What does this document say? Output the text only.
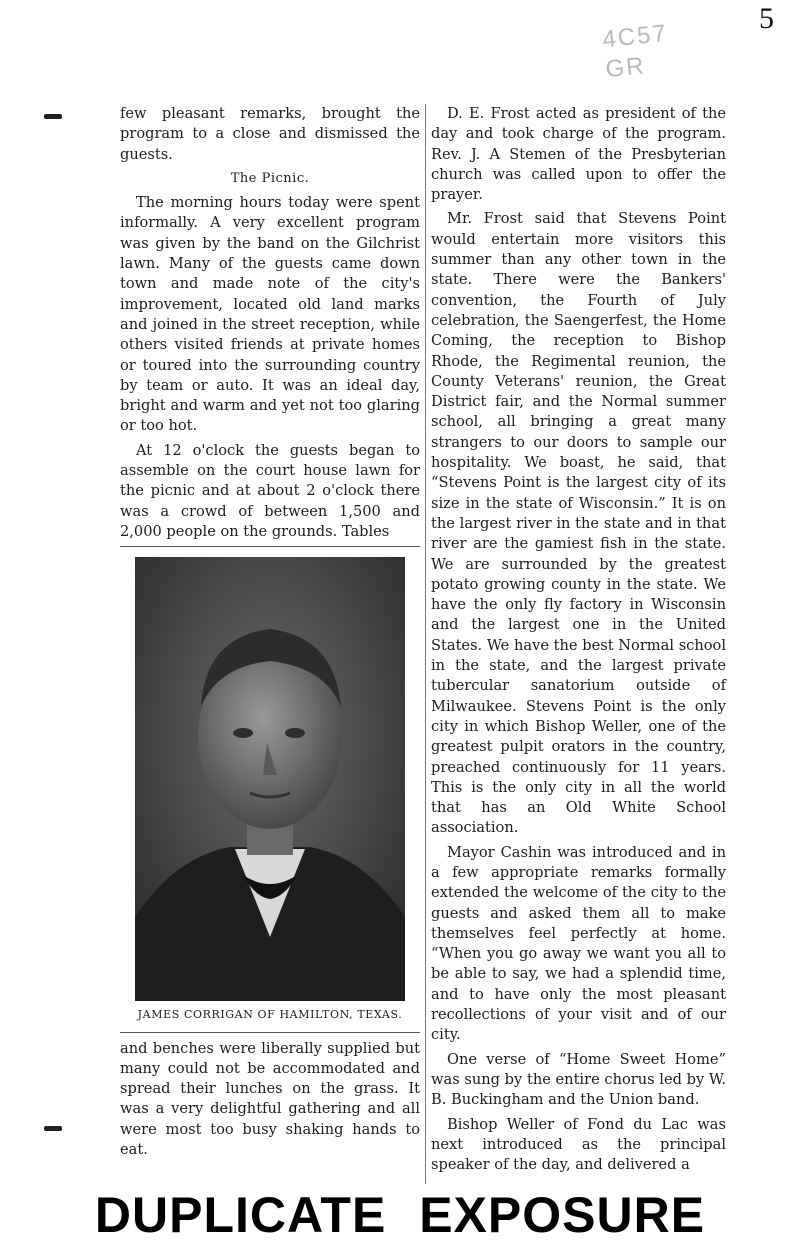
5
4C57
GR

few pleasant remarks, brought the program to a close and dismissed the guests.

The Picnic.

The morning hours today were spent informally. A very excellent program was given by the band on the Gilchrist lawn. Many of the guests came down town and made note of the city's improvement, located old land marks and joined in the street reception, while others visited friends at private homes or toured into the surrounding country by team or auto. It was an ideal day, bright and warm and yet not too glaring or too hot.

At 12 o'clock the guests began to assemble on the court house lawn for the picnic and at about 2 o'clock there was a crowd of between 1,500 and 2,000 people on the grounds. Tables

JAMES CORRIGAN OF HAMILTON, TEXAS.

and benches were liberally supplied but many could not be accommodated and spread their lunches on the grass. It was a very delightful gathering and all were most too busy shaking hands to eat.

D. E. Frost acted as president of the day and took charge of the program. Rev. J. A Stemen of the Presbyterian church was called upon to offer the prayer.

Mr. Frost said that Stevens Point would entertain more visitors this summer than any other town in the state. There were the Bankers' convention, the Fourth of July celebration, the Saengerfest, the Home Coming, the reception to Bishop Rhode, the Regimental reunion, the County Veterans' reunion, the Great District fair, and the Normal summer school, all bringing a great many strangers to our doors to sample our hospitality. We boast, he said, that “Stevens Point is the largest city of its size in the state of Wisconsin.” It is on the largest river in the state and in that river are the gamiest fish in the state. We are surrounded by the greatest potato growing county in the state. We have the only fly factory in Wisconsin and the largest one in the United States. We have the best Normal school in the state, and the largest private tubercular sanatorium outside of Milwaukee. Stevens Point is the only city in which Bishop Weller, one of the greatest pulpit orators in the country, preached continuously for 11 years. This is the only city in all the world that has an Old White School association.

Mayor Cashin was introduced and in a few appropriate remarks formally extended the welcome of the city to the guests and asked them all to make themselves feel perfectly at home. “When you go away we want you all to be able to say, we had a splendid time, and to have only the most pleasant recollections of your visit and of our city.

One verse of “Home Sweet Home” was sung by the entire chorus led by W. B. Buckingham and the Union band.

Bishop Weller of Fond du Lac was next introduced as the principal speaker of the day, and delivered a

DUPLICATE EXPOSURE
